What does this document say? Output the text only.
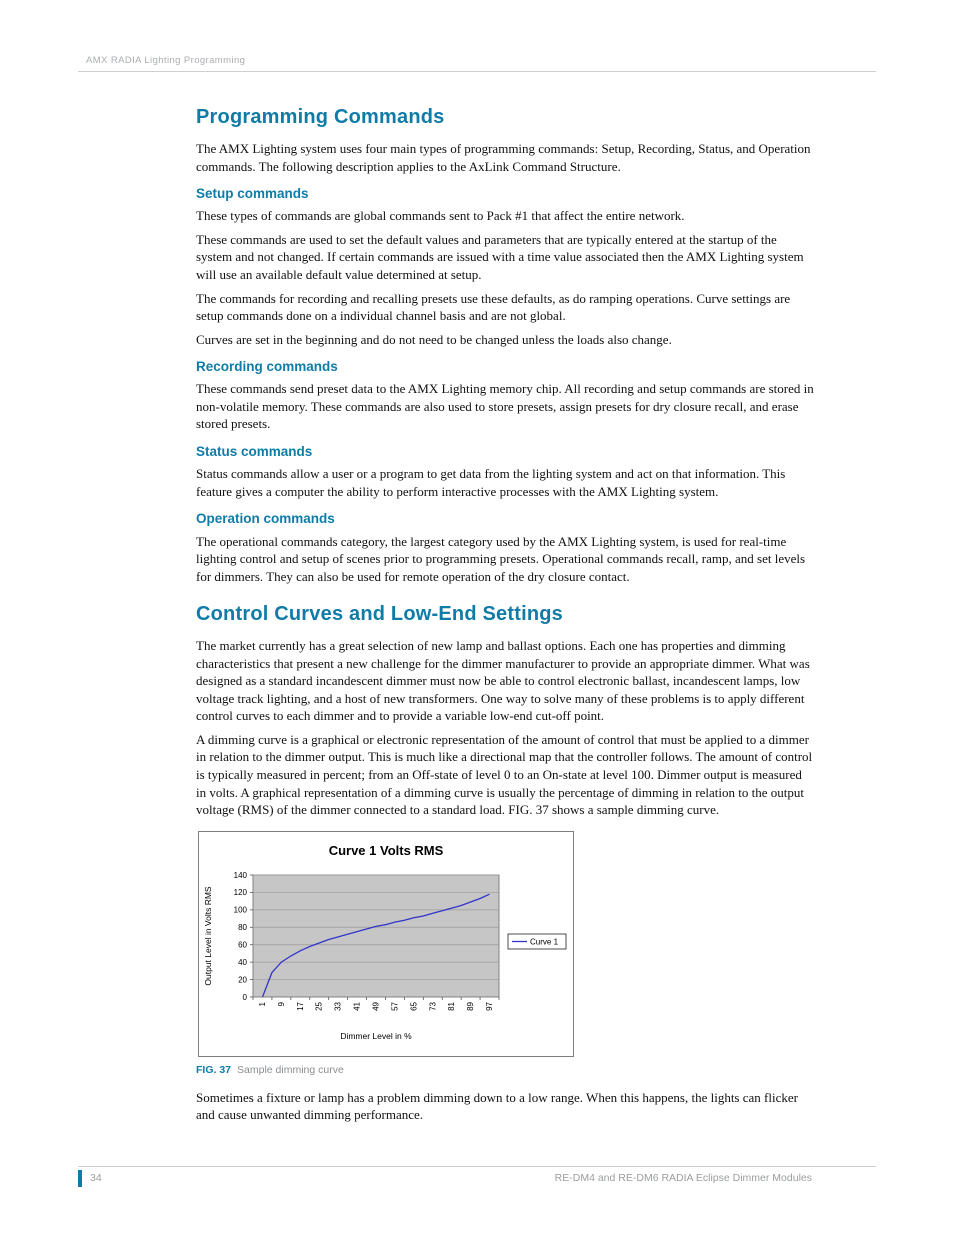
AMX RADIA Lighting Programming
Programming Commands

The AMX Lighting system uses four main types of programming commands: Setup, Recording, Status, and Operation commands. The following description applies to the AxLink Command Structure.

Setup commands

These types of commands are global commands sent to Pack #1 that affect the entire network.

These commands are used to set the default values and parameters that are typically entered at the startup of the system and not changed. If certain commands are issued with a time value associated then the AMX Lighting system will use an available default value determined at setup.

The commands for recording and recalling presets use these defaults, as do ramping operations. Curve settings are setup commands done on a individual channel basis and are not global.

Curves are set in the beginning and do not need to be changed unless the loads also change.

Recording commands

These commands send preset data to the AMX Lighting memory chip. All recording and setup commands are stored in non-volatile memory. These commands are also used to store presets, assign presets for dry closure recall, and erase stored presets.

Status commands

Status commands allow a user or a program to get data from the lighting system and act on that information. This feature gives a computer the ability to perform interactive processes with the AMX Lighting system.

Operation commands

The operational commands category, the largest category used by the AMX Lighting system, is used for real-time lighting control and setup of scenes prior to programming presets. Operational commands recall, ramp, and set levels for dimmers. They can also be used for remote operation of the dry closure contact.

Control Curves and Low-End Settings

The market currently has a great selection of new lamp and ballast options. Each one has properties and dimming characteristics that present a new challenge for the dimmer manufacturer to provide an appropriate dimmer. What was designed as a standard incandescent dimmer must now be able to control electronic ballast, incandescent lamps, low voltage track lighting, and a host of new transformers. One way to solve many of these problems is to apply different control curves to each dimmer and to provide a variable low-end cut-off point.

A dimming curve is a graphical or electronic representation of the amount of control that must be applied to a dimmer in relation to the dimmer output. This is much like a directional map that the controller follows. The amount of control is typically measured in percent; from an Off-state of level 0 to an On-state at level 100. Dimmer output is measured in volts. A graphical representation of a dimming curve is usually the percentage of dimming in relation to the output voltage (RMS) of the dimmer connected to a standard load. FIG. 37 shows a sample dimming curve.

Curve 1 Volts RMS
0
20
40
60
80
100
120
140
1 9 17 25 33 41 49 57 65 73 81 89 97
Output Level in Volts RMS
Dimmer Level in %
Curve 1

FIG. 37 Sample dimming curve

Sometimes a fixture or lamp has a problem dimming down to a low range. When this happens, the lights can flicker and cause unwanted dimming performance.

34	RE-DM4 and RE-DM6 RADIA Eclipse Dimmer Modules
